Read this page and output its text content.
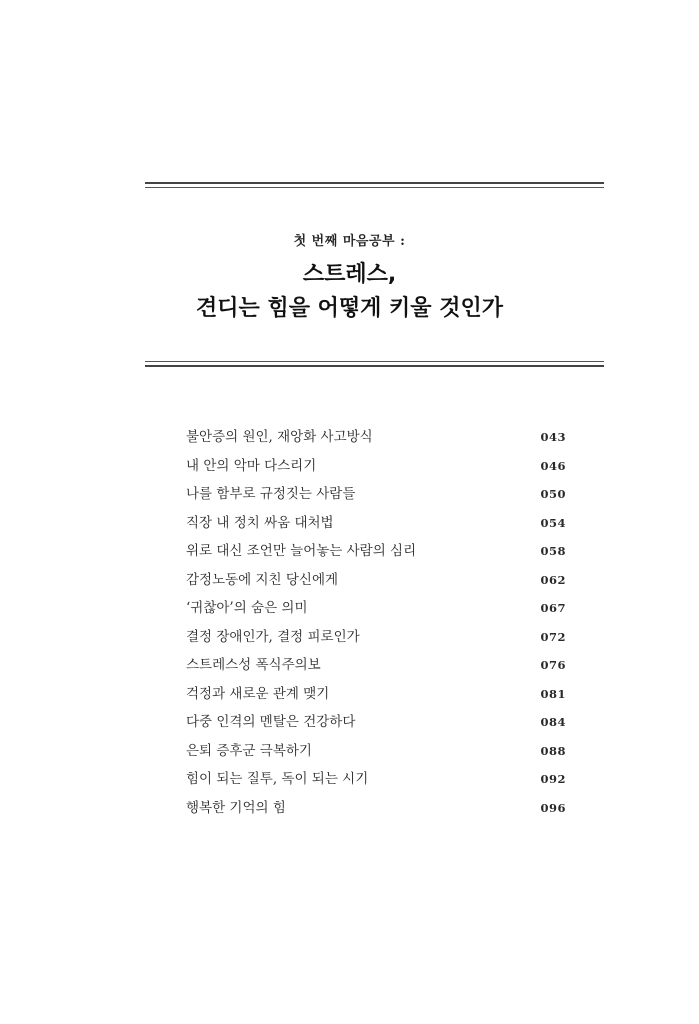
첫 번째 마음공부 :
스트레스,
견디는 힘을 어떻게 키울 것인가
불안증의 원인, 재앙화 사고방식	043
내 안의 악마 다스리기	046
나를 함부로 규정짓는 사람들	050
직장 내 정치 싸움 대처법	054
위로 대신 조언만 늘어놓는 사람의 심리	058
감정노동에 지친 당신에게	062
‘귀찮아’의 숨은 의미	067
결정 장애인가, 결정 피로인가	072
스트레스성 폭식주의보	076
걱정과 새로운 관계 맺기	081
다중 인격의 멘탈은 건강하다	084
은퇴 증후군 극복하기	088
힘이 되는 질투, 독이 되는 시기	092
행복한 기억의 힘	096
